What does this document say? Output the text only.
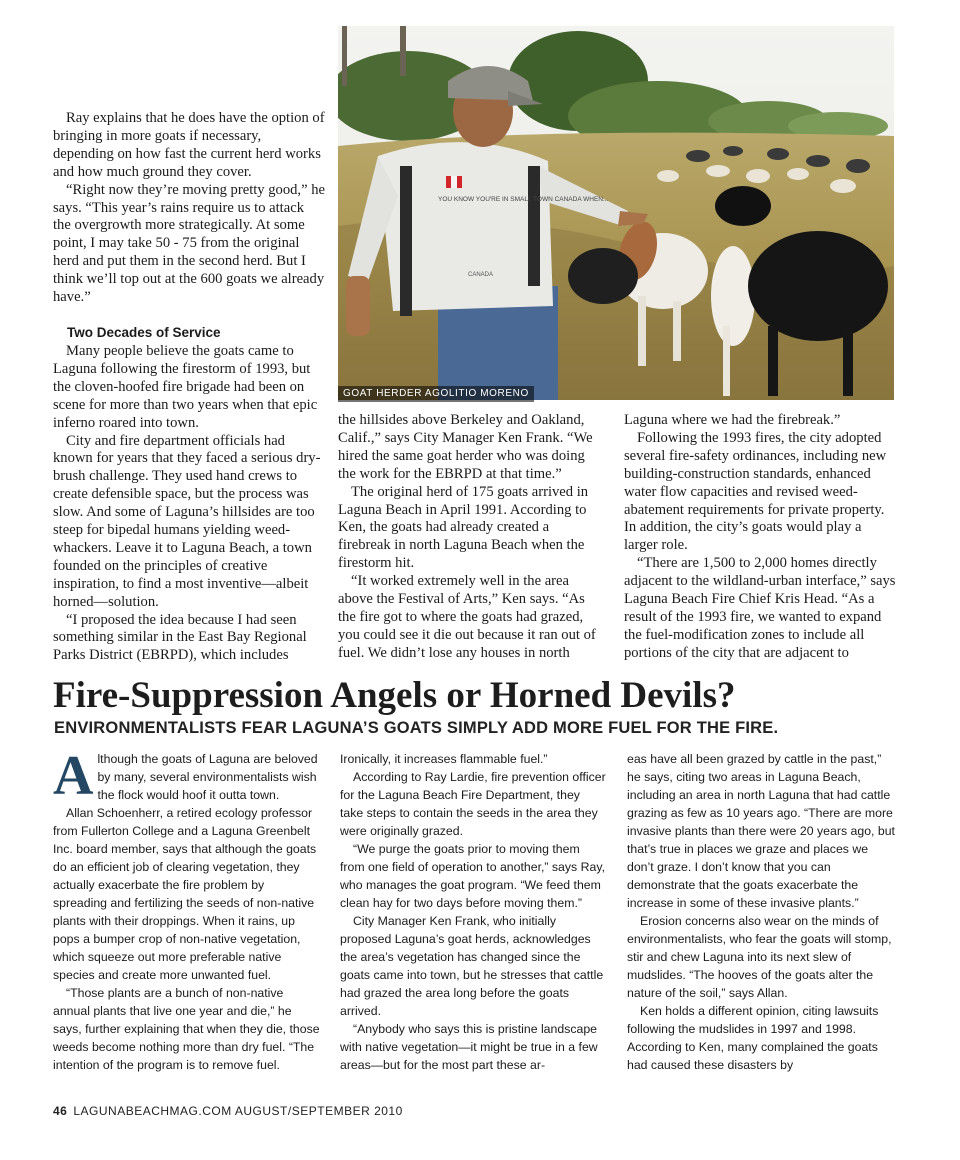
Ray explains that he does have the option of bringing in more goats if necessary, depending on how fast the current herd works and how much ground they cover.

“Right now they’re moving pretty good,” he says. “This year’s rains require us to attack the overgrowth more strategically. At some point, I may take 50 - 75 from the original herd and put them in the second herd. But I think we’ll top out at the 600 goats we already have.”

Two Decades of Service

Many people believe the goats came to Laguna following the firestorm of 1993, but the cloven-hoofed fire brigade had been on scene for more than two years when that epic inferno roared into town.

City and fire department officials had known for years that they faced a serious dry-brush challenge. They used hand crews to create defensible space, but the process was slow. And some of Laguna’s hillsides are too steep for bipedal humans yielding weed-whackers. Leave it to Laguna Beach, a town founded on the principles of creative inspiration, to find a most inventive—albeit horned—solution.

“I proposed the idea because I had seen something similar in the East Bay Regional Parks District (EBRPD), which includes

YOU KNOW YOU'RE IN SMALL TOWN CANADA WHEN...
CANADA
GOAT HERDER AGOLITIO MORENO

the hillsides above Berkeley and Oakland, Calif.,” says City Manager Ken Frank. “We hired the same goat herder who was doing the work for the EBRPD at that time.”

The original herd of 175 goats arrived in Laguna Beach in April 1991. According to Ken, the goats had already created a firebreak in north Laguna Beach when the firestorm hit.

“It worked extremely well in the area above the Festival of Arts,” Ken says. “As the fire got to where the goats had grazed, you could see it die out because it ran out of fuel. We didn’t lose any houses in north

Laguna where we had the firebreak.”

Following the 1993 fires, the city adopted several fire-safety ordinances, including new building-construction standards, enhanced water flow capacities and revised weed-abatement requirements for private property. In addition, the city’s goats would play a larger role.

“There are 1,500 to 2,000 homes directly adjacent to the wildland-urban interface,” says Laguna Beach Fire Chief Kris Head. “As a result of the 1993 fire, we wanted to expand the fuel-modification zones to include all portions of the city that are adjacent to

Fire-Suppression Angels or Horned Devils?
ENVIRONMENTALISTS FEAR LAGUNA’S GOATS SIMPLY ADD MORE FUEL FOR THE FIRE.

Although the goats of Laguna are beloved by many, several environmentalists wish the flock would hoof it outta town.

Allan Schoenherr, a retired ecology professor from Fullerton College and a Laguna Greenbelt Inc. board member, says that although the goats do an efficient job of clearing vegetation, they actually exacerbate the fire problem by spreading and fertilizing the seeds of non-native plants with their droppings. When it rains, up pops a bumper crop of non-native vegetation, which squeeze out more preferable native species and create more unwanted fuel.

“Those plants are a bunch of non-native annual plants that live one year and die,” he says, further explaining that when they die, those weeds become nothing more than dry fuel. “The intention of the program is to remove fuel.

Ironically, it increases flammable fuel.”

According to Ray Lardie, fire prevention officer for the Laguna Beach Fire Department, they take steps to contain the seeds in the area they were originally grazed.

“We purge the goats prior to moving them from one field of operation to another,” says Ray, who manages the goat program. “We feed them clean hay for two days before moving them.”

City Manager Ken Frank, who initially proposed Laguna’s goat herds, acknowledges the area’s vegetation has changed since the goats came into town, but he stresses that cattle had grazed the area long before the goats arrived.

“Anybody who says this is pristine landscape with native vegetation—it might be true in a few areas—but for the most part these ar-

eas have all been grazed by cattle in the past,” he says, citing two areas in Laguna Beach, including an area in north Laguna that had cattle grazing as few as 10 years ago. “There are more invasive plants than there were 20 years ago, but that’s true in places we graze and places we don’t graze. I don’t know that you can demonstrate that the goats exacerbate the increase in some of these invasive plants.”

Erosion concerns also wear on the minds of environmentalists, who fear the goats will stomp, stir and chew Laguna into its next slew of mudslides. “The hooves of the goats alter the nature of the soil,” says Allan.

Ken holds a different opinion, citing lawsuits following the mudslides in 1997 and 1998. According to Ken, many complained the goats had caused these disasters by

46 LAGUNABEACHMAG.COM AUGUST/SEPTEMBER 2010
